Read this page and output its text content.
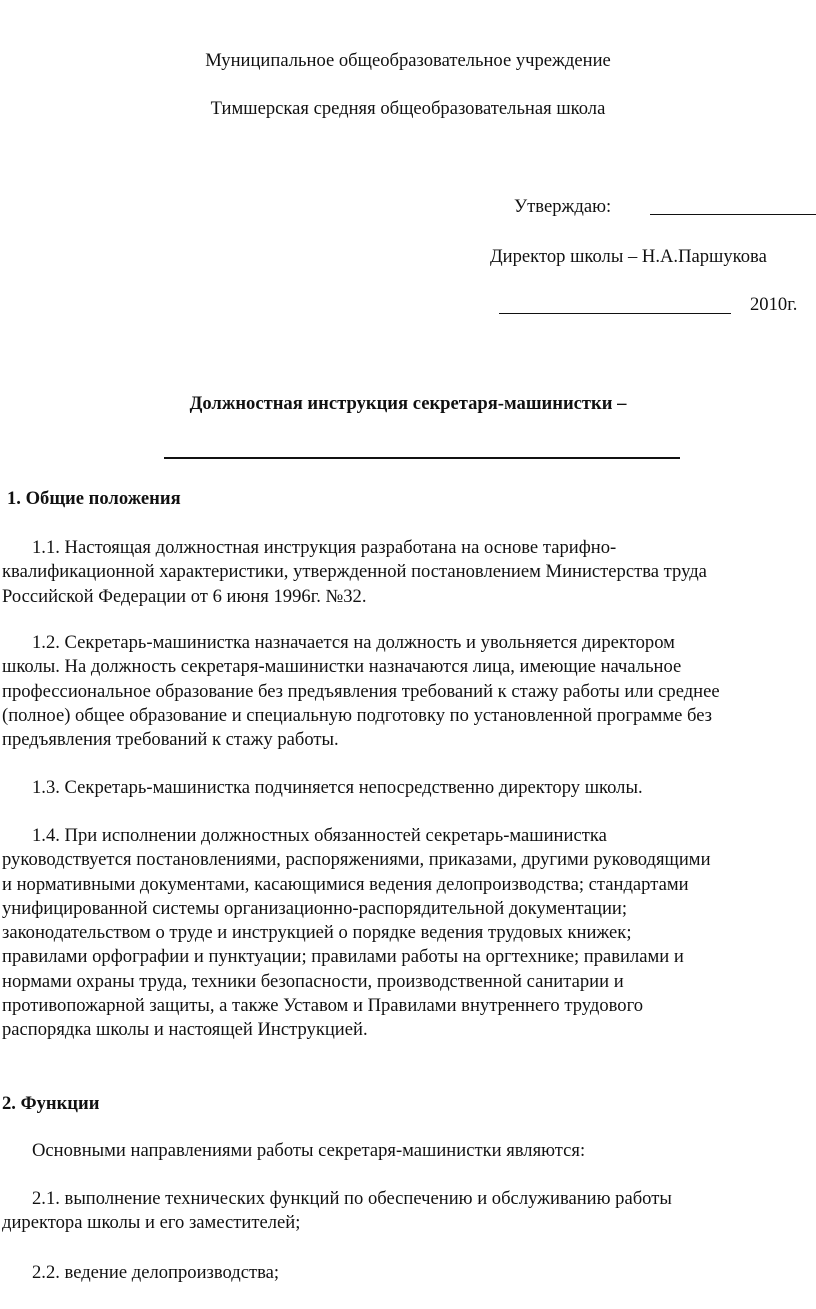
Муниципальное общеобразовательное учреждение
Тимшерская средняя общеобразовательная школа
Утверждаю:
Директор школы – Н.А.Паршукова
2010г.
Должностная инструкция секретаря-машинистки –
1. Общие положения
1.1. Настоящая должностная инструкция разработана на основе тарифно-
квалификационной характеристики, утвержденной постановлением Министерства труда
Российской Федерации от 6 июня 1996г. №32.
1.2. Секретарь-машинистка назначается на должность и увольняется директором
школы. На должность секретаря-машинистки назначаются лица, имеющие начальное
профессиональное образование без предъявления требований к стажу работы или среднее
(полное) общее образование и специальную подготовку по установленной программе без
предъявления требований к стажу работы.
1.3. Секретарь-машинистка подчиняется непосредственно директору школы.
1.4. При исполнении должностных обязанностей секретарь-машинистка
руководствуется постановлениями, распоряжениями, приказами, другими руководящими
и нормативными документами, касающимися ведения делопроизводства; стандартами
унифицированной системы организационно-распорядительной документации;
законодательством о труде и инструкцией о порядке ведения трудовых книжек;
правилами орфографии и пунктуации; правилами работы на оргтехнике; правилами и
нормами охраны труда, техники безопасности, производственной санитарии и
противопожарной защиты, а также Уставом и Правилами внутреннего трудового
распорядка школы и настоящей Инструкцией.
2. Функции
Основными направлениями работы секретаря-машинистки являются:
2.1. выполнение технических функций по обеспечению и обслуживанию работы
директора школы и его заместителей;
2.2. ведение делопроизводства;
